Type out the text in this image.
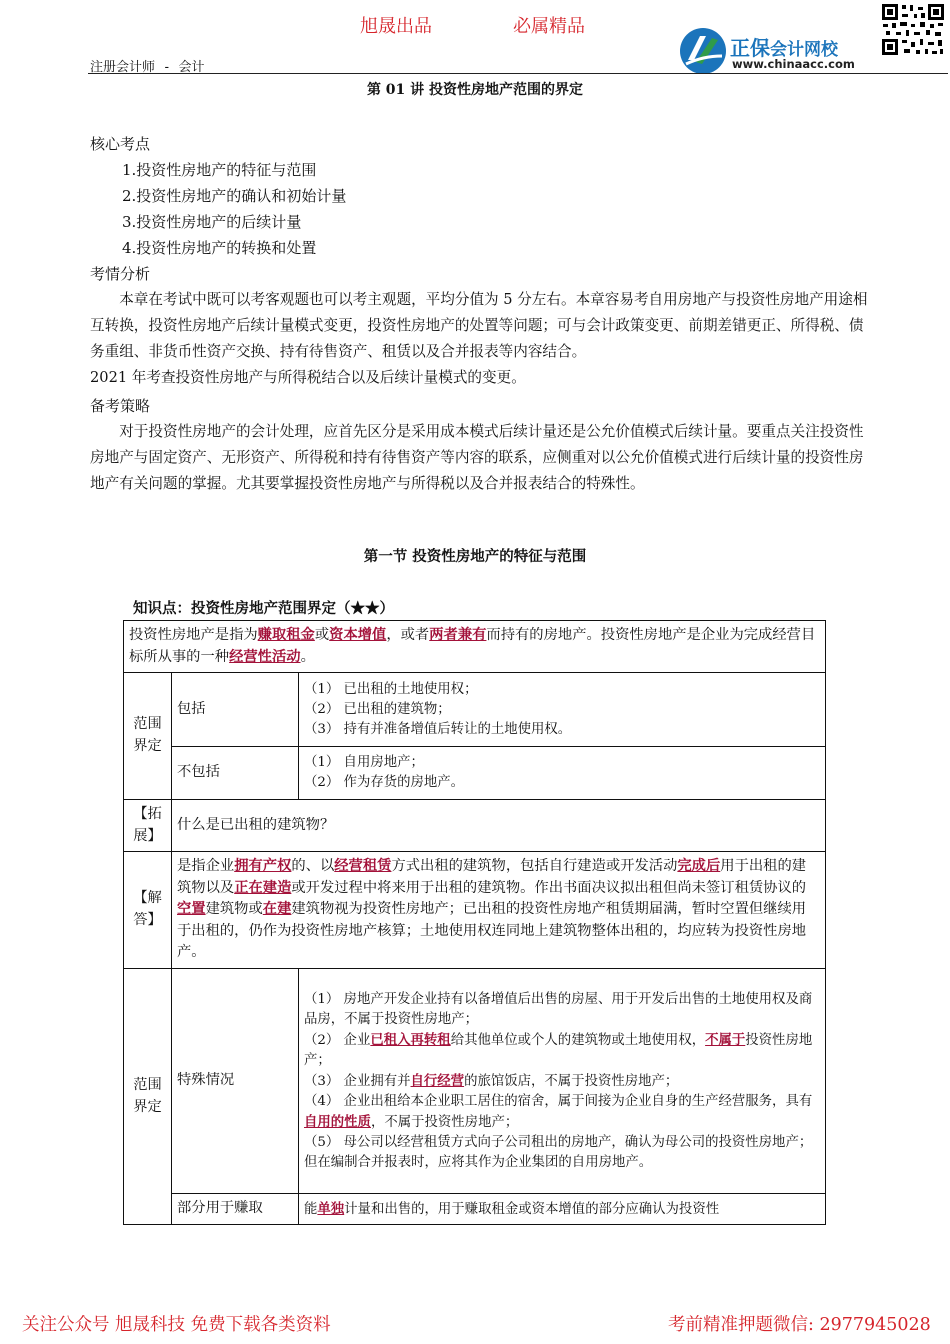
旭晟出品	必属精品
正保会计网校
www.chinaacc.com
注册会计师 - 会计
第 01 讲 投资性房地产范围的界定
核心考点
1.投资性房地产的特征与范围
2.投资性房地产的确认和初始计量
3.投资性房地产的后续计量
4.投资性房地产的转换和处置
考情分析

本章在考试中既可以考客观题也可以考主观题，平均分值为 5 分左右。本章容易考自用房地产与投资性房地产用途相互转换，投资性房地产后续计量模式变更，投资性房地产的处置等问题；可与会计政策变更、前期差错更正、所得税、债务重组、非货币性资产交换、持有待售资产、租赁以及合并报表等内容结合。

2021 年考查投资性房地产与所得税结合以及后续计量模式的变更。

备考策略

对于投资性房地产的会计处理，应首先区分是采用成本模式后续计量还是公允价值模式后续计量。要重点关注投资性房地产与固定资产、无形资产、所得税和持有待售资产等内容的联系，应侧重对以公允价值模式进行后续计量的投资性房地产有关问题的掌握。尤其要掌握投资性房地产与所得税以及合并报表结合的特殊性。

第一节 投资性房地产的特征与范围
知识点：投资性房地产范围界定（★★）
投资性房地产是指为赚取租金或资本增值，或者两者兼有而持有的房地产。投资性房地产是企业为完成经营目标所从事的一种经营性活动。		
范围界定	包括	（1） 已出租的土地使用权；
（2） 已出租的建筑物；
（3） 持有并准备增值后转让的土地使用权。

	不包括	（1） 自用房地产；
（2） 作为存货的房地产。

【拓展】	什么是已出租的建筑物？	
【解答】	是指企业拥有产权的、以经营租赁方式出租的建筑物，包括自行建造或开发活动完成后用于出租的建筑物以及正在建造或开发过程中将来用于出租的建筑物。作出书面决议拟出租但尚未签订租赁协议的空置建筑物或在建建筑物视为投资性房地产；已出租的投资性房地产租赁期届满，暂时空置但继续用于出租的，仍作为投资性房地产核算；土地使用权连同地上建筑物整体出租的，均应转为投资性房地产。	
范围界定	特殊情况	（1） 房地产开发企业持有以备增值后出售的房屋、用于开发后出售的土地使用权及商品房，不属于投资性房地产；
（2） 企业已租入再转租给其他单位或个人的建筑物或土地使用权，不属于投资性房地产；
（3） 企业拥有并自行经营的旅馆饭店，不属于投资性房地产；
（4） 企业出租给本企业职工居住的宿舍，属于间接为企业自身的生产经营服务，具有自用的性质，不属于投资性房地产；
（5） 母公司以经营租赁方式向子公司租出的房地产，确认为母公司的投资性房地产；但在编制合并报表时，应将其作为企业集团的自用房地产。

	部分用于赚取	能单独计量和出售的，用于赚取租金或资本增值的部分应确认为投资性
关注公众号 旭晟科技 免费下载各类资料	考前精准押题微信: 2977945028
